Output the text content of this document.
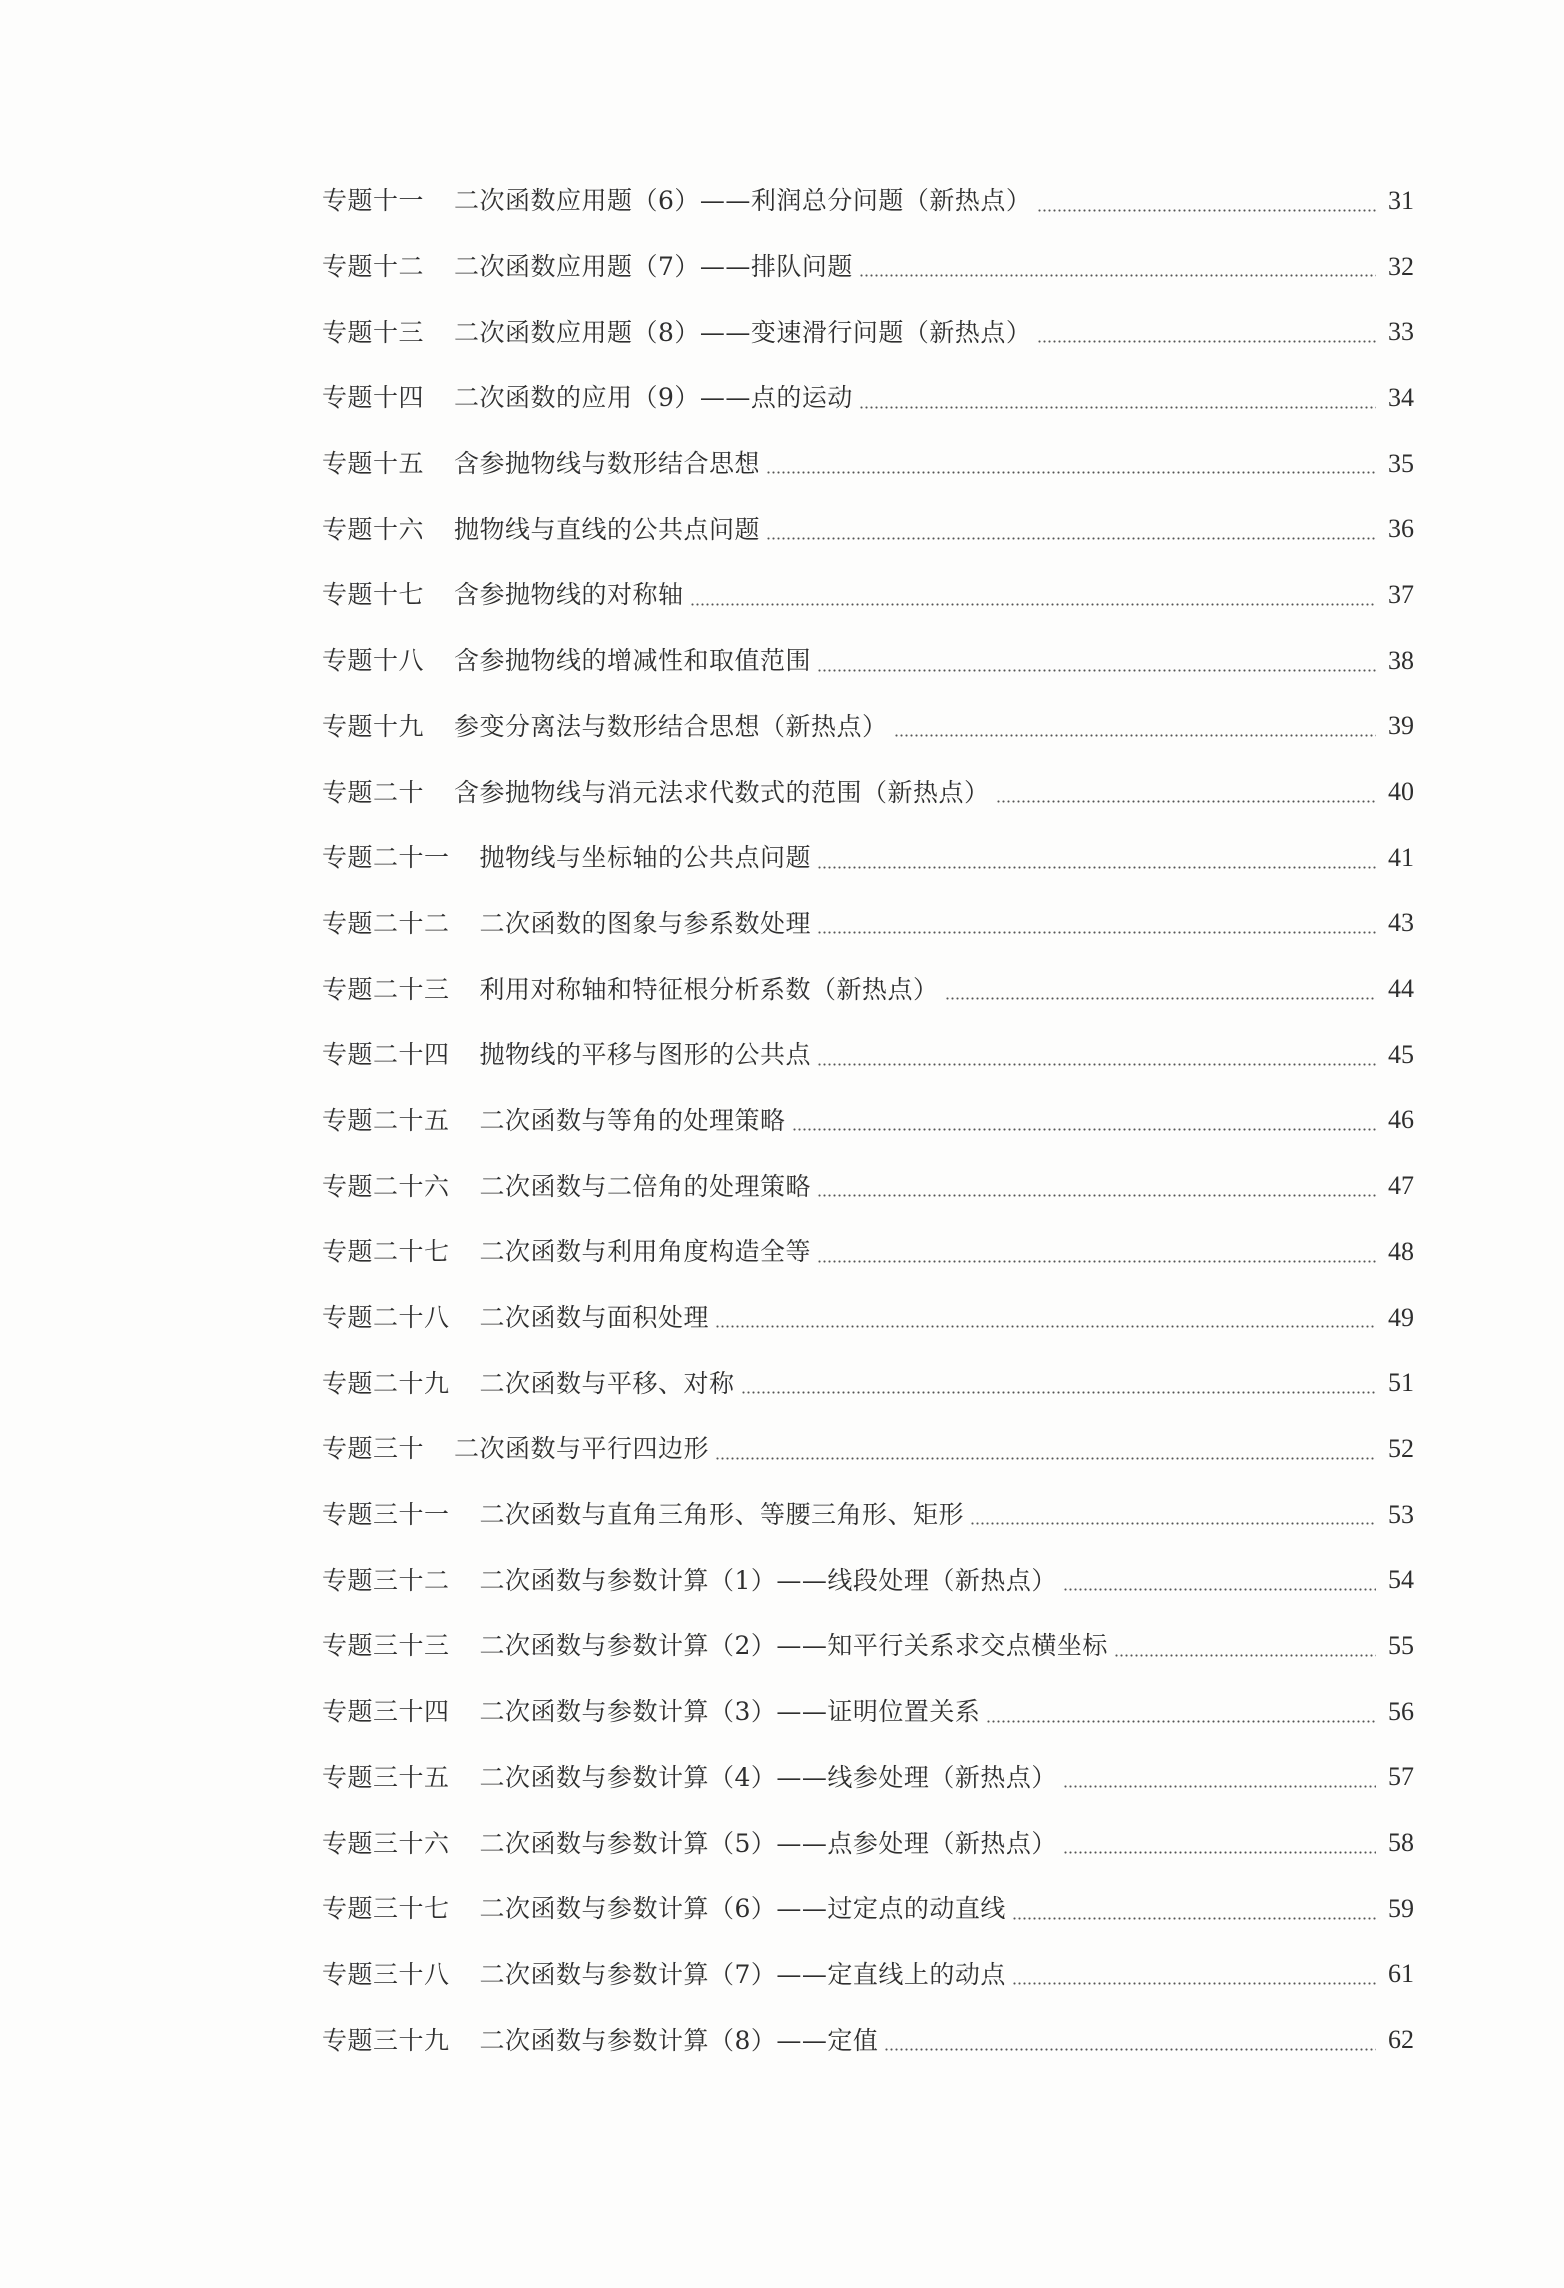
专题十一 二次函数应用题（6）——利润总分问题（新热点）	31
专题十二 二次函数应用题（7）——排队问题	32
专题十三 二次函数应用题（8）——变速滑行问题（新热点）	33
专题十四 二次函数的应用（9）——点的运动	34
专题十五 含参抛物线与数形结合思想	35
专题十六 抛物线与直线的公共点问题	36
专题十七 含参抛物线的对称轴	37
专题十八 含参抛物线的增减性和取值范围	38
专题十九 参变分离法与数形结合思想（新热点）	39
专题二十 含参抛物线与消元法求代数式的范围（新热点）	40
专题二十一 抛物线与坐标轴的公共点问题	41
专题二十二 二次函数的图象与参系数处理	43
专题二十三 利用对称轴和特征根分析系数（新热点）	44
专题二十四 抛物线的平移与图形的公共点	45
专题二十五 二次函数与等角的处理策略	46
专题二十六 二次函数与二倍角的处理策略	47
专题二十七 二次函数与利用角度构造全等	48
专题二十八 二次函数与面积处理	49
专题二十九 二次函数与平移、对称	51
专题三十 二次函数与平行四边形	52
专题三十一 二次函数与直角三角形、等腰三角形、矩形	53
专题三十二 二次函数与参数计算（1）——线段处理（新热点）	54
专题三十三 二次函数与参数计算（2）——知平行关系求交点横坐标	55
专题三十四 二次函数与参数计算（3）——证明位置关系	56
专题三十五 二次函数与参数计算（4）——线参处理（新热点）	57
专题三十六 二次函数与参数计算（5）——点参处理（新热点）	58
专题三十七 二次函数与参数计算（6）——过定点的动直线	59
专题三十八 二次函数与参数计算（7）——定直线上的动点	61
专题三十九 二次函数与参数计算（8）——定值	62
